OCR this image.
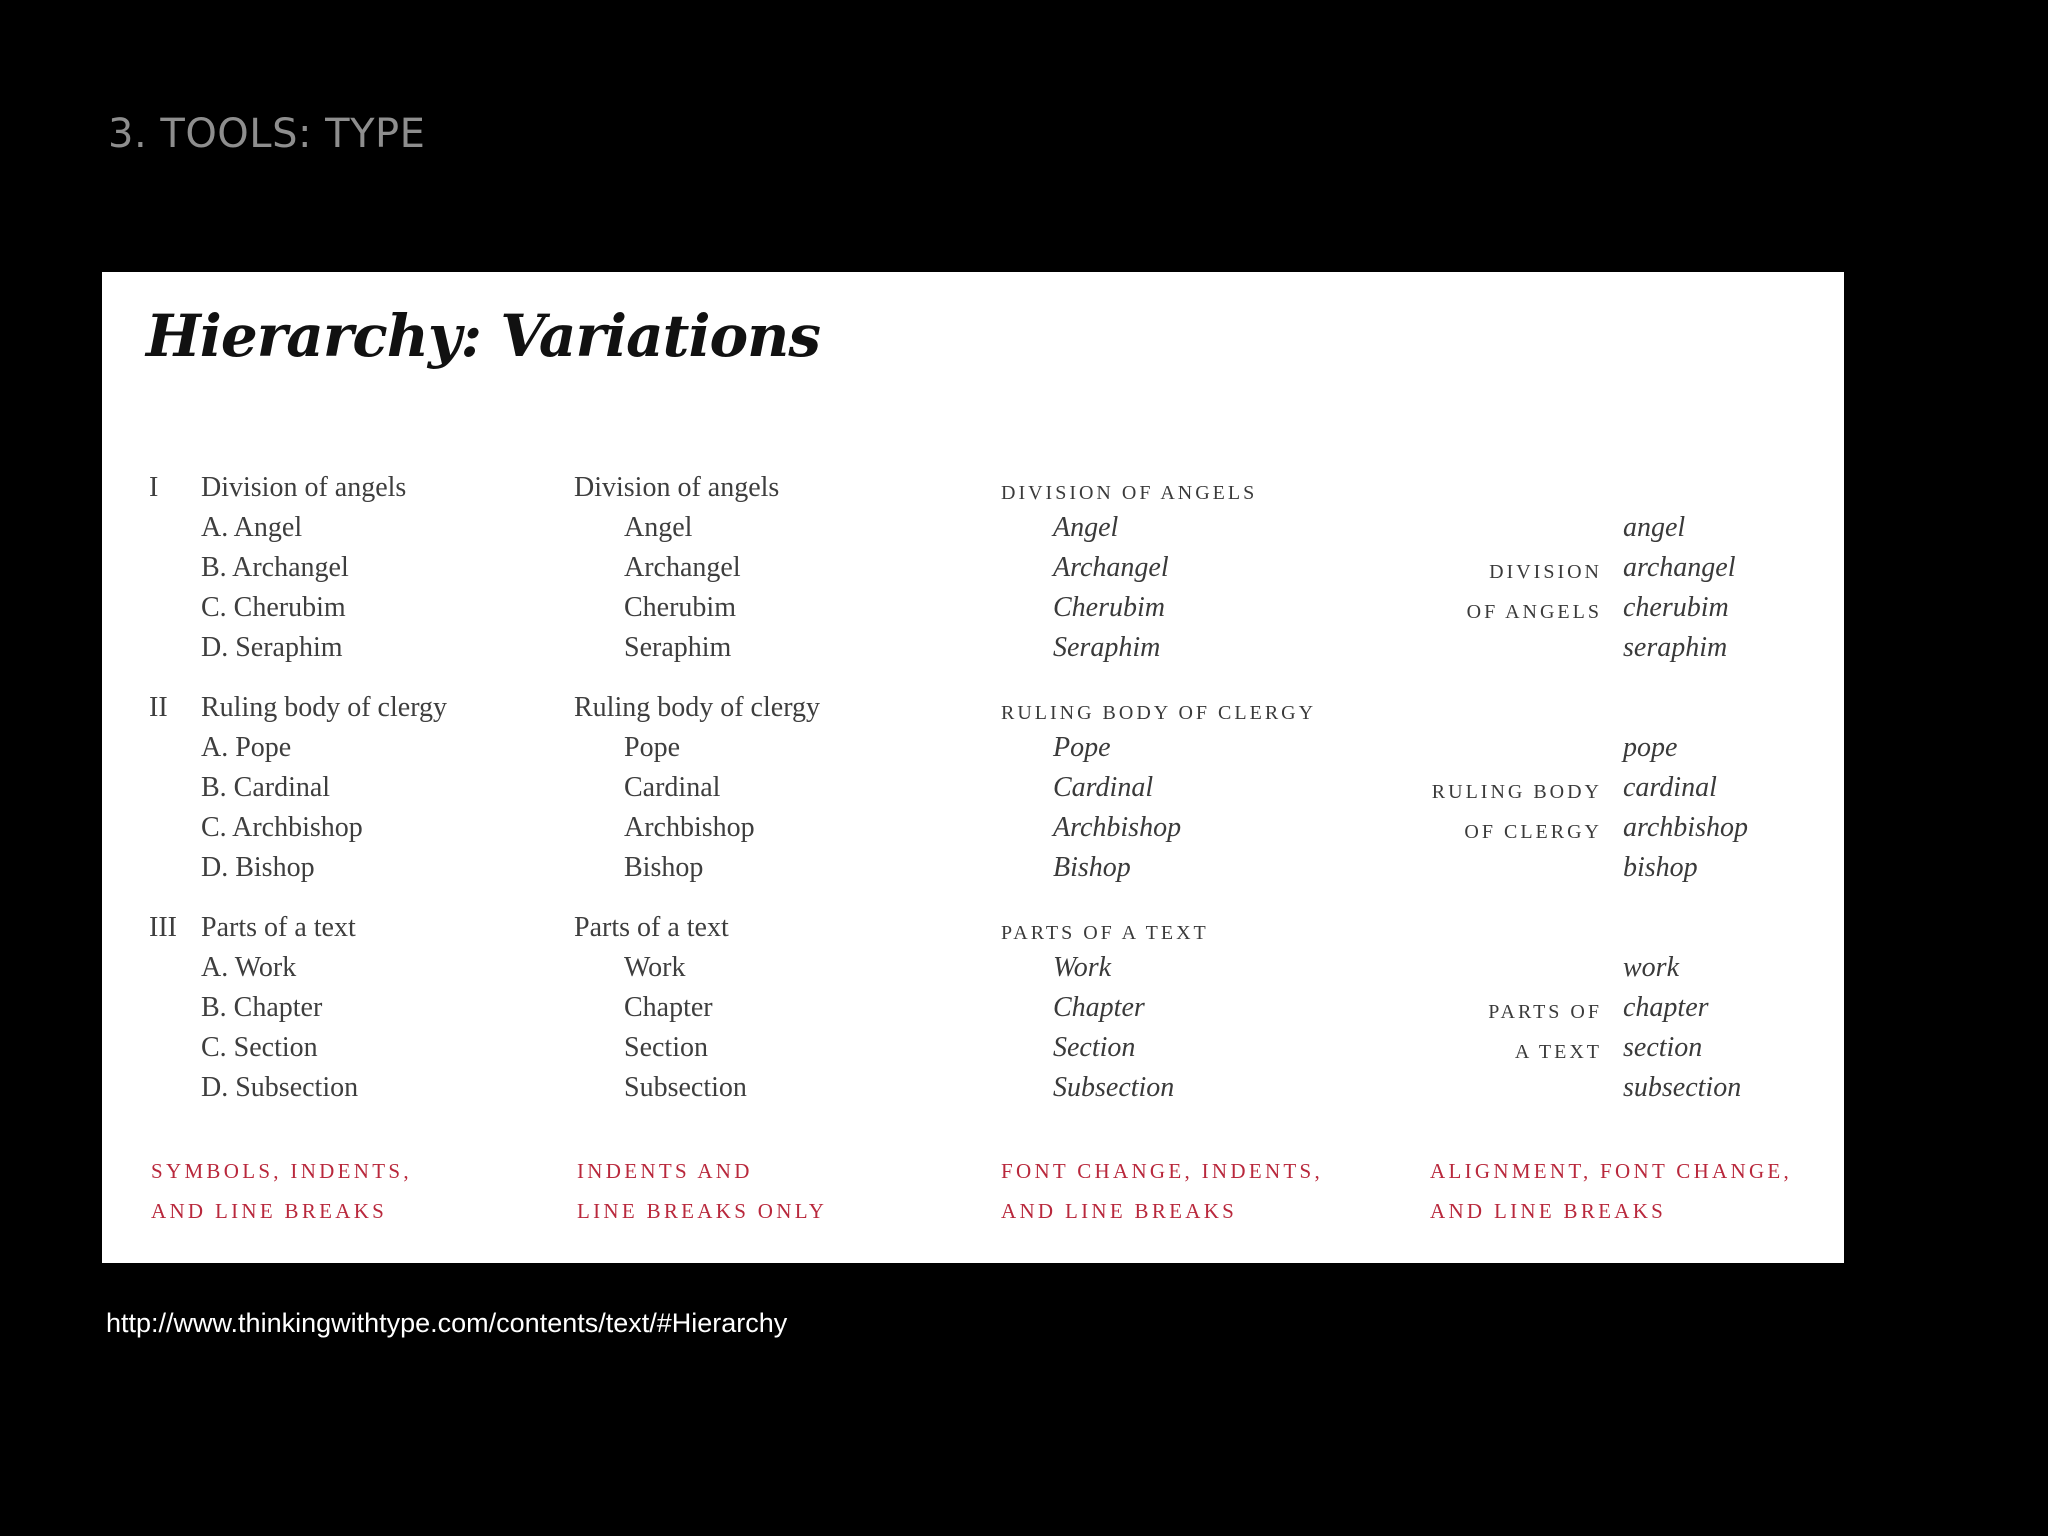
3. TOOLS: TYPE
Hierarchy: Variations
I Division of angels
A. Angel
B. Archangel
C. Cherubim
D. Seraphim
II Ruling body of clergy
A. Pope
B. Cardinal
C. Archbishop
D. Bishop
III Parts of a text
A. Work
B. Chapter
C. Section
D. Subsection
SYMBOLS, INDENTS,
AND LINE BREAKS
Division of angels
Angel
Archangel
Cherubim
Seraphim
Ruling body of clergy
Pope
Cardinal
Archbishop
Bishop
Parts of a text
Work
Chapter
Section
Subsection
INDENTS AND
LINE BREAKS ONLY
DIVISION OF ANGELS
Angel
Archangel
Cherubim
Seraphim
RULING BODY OF CLERGY
Pope
Cardinal
Archbishop
Bishop
PARTS OF A TEXT
Work
Chapter
Section
Subsection
FONT CHANGE, INDENTS,
AND LINE BREAKS
DIVISION
OF ANGELS
angel
archangel
cherubim
seraphim
RULING BODY
OF CLERGY
pope
cardinal
archbishop
bishop
PARTS OF
A TEXT
work
chapter
section
subsection
ALIGNMENT, FONT CHANGE,
AND LINE BREAKS
http://www.thinkingwithtype.com/contents/text/#Hierarchy
